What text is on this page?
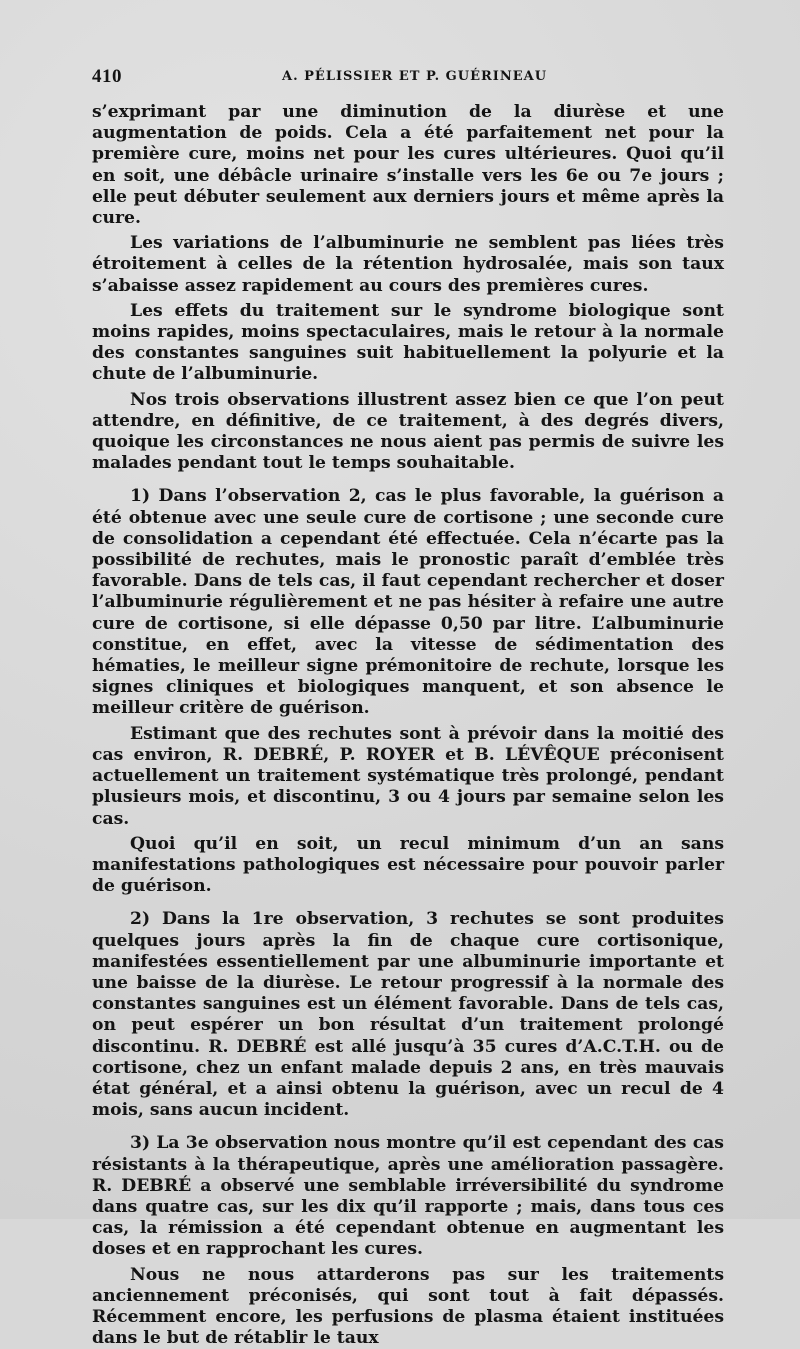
410	A. PÉLISSIER ET P. GUÉRINEAU

s’exprimant par une diminution de la diurèse et une augmentation de poids. Cela a été parfaitement net pour la première cure, moins net pour les cures ultérieures. Quoi qu’il en soit, une débâcle urinaire s’installe vers les 6e ou 7e jours ; elle peut débuter seulement aux derniers jours et même après la cure.

Les variations de l’albuminurie ne semblent pas liées très étroitement à celles de la rétention hydrosalée, mais son taux s’abaisse assez rapidement au cours des premières cures.

Les effets du traitement sur le syndrome biologique sont moins rapides, moins spectaculaires, mais le retour à la normale des constantes sanguines suit habituellement la polyurie et la chute de l’albuminurie.

Nos trois observations illustrent assez bien ce que l’on peut attendre, en définitive, de ce traitement, à des degrés divers, quoique les circonstances ne nous aient pas permis de suivre les malades pendant tout le temps souhaitable.

1) Dans l’observation 2, cas le plus favorable, la guérison a été obtenue avec une seule cure de cortisone ; une seconde cure de consolidation a cependant été effectuée. Cela n’écarte pas la possibilité de rechutes, mais le pronostic paraît d’emblée très favorable. Dans de tels cas, il faut cependant rechercher et doser l’albuminurie régulièrement et ne pas hésiter à refaire une autre cure de cortisone, si elle dépasse 0,50 par litre. L’albuminurie constitue, en effet, avec la vitesse de sédimentation des hématies, le meilleur signe prémonitoire de rechute, lorsque les signes cliniques et biologiques manquent, et son absence le meilleur critère de guérison.

Estimant que des rechutes sont à prévoir dans la moitié des cas environ, R. DEBRÉ, P. ROYER et B. LÉVÊQUE préconisent actuellement un traitement systématique très prolongé, pendant plusieurs mois, et discontinu, 3 ou 4 jours par semaine selon les cas.

Quoi qu’il en soit, un recul minimum d’un an sans manifestations pathologiques est nécessaire pour pouvoir parler de guérison.

2) Dans la 1re observation, 3 rechutes se sont produites quelques jours après la fin de chaque cure cortisonique, manifestées essentiellement par une albuminurie importante et une baisse de la diurèse. Le retour progressif à la normale des constantes sanguines est un élément favorable. Dans de tels cas, on peut espérer un bon résultat d’un traitement prolongé discontinu. R. DEBRÉ est allé jusqu’à 35 cures d’A.C.T.H. ou de cortisone, chez un enfant malade depuis 2 ans, en très mauvais état général, et a ainsi obtenu la guérison, avec un recul de 4 mois, sans aucun incident.

3) La 3e observation nous montre qu’il est cependant des cas résistants à la thérapeutique, après une amélioration passagère. R. DEBRÉ a observé une semblable irréversibilité du syndrome dans quatre cas, sur les dix qu’il rapporte ; mais, dans tous ces cas, la rémission a été cependant obtenue en augmentant les doses et en rapprochant les cures.

Nous ne nous attarderons pas sur les traitements anciennement préconisés, qui sont tout à fait dépassés. Récemment encore, les perfusions de plasma étaient instituées dans le but de rétablir le taux
